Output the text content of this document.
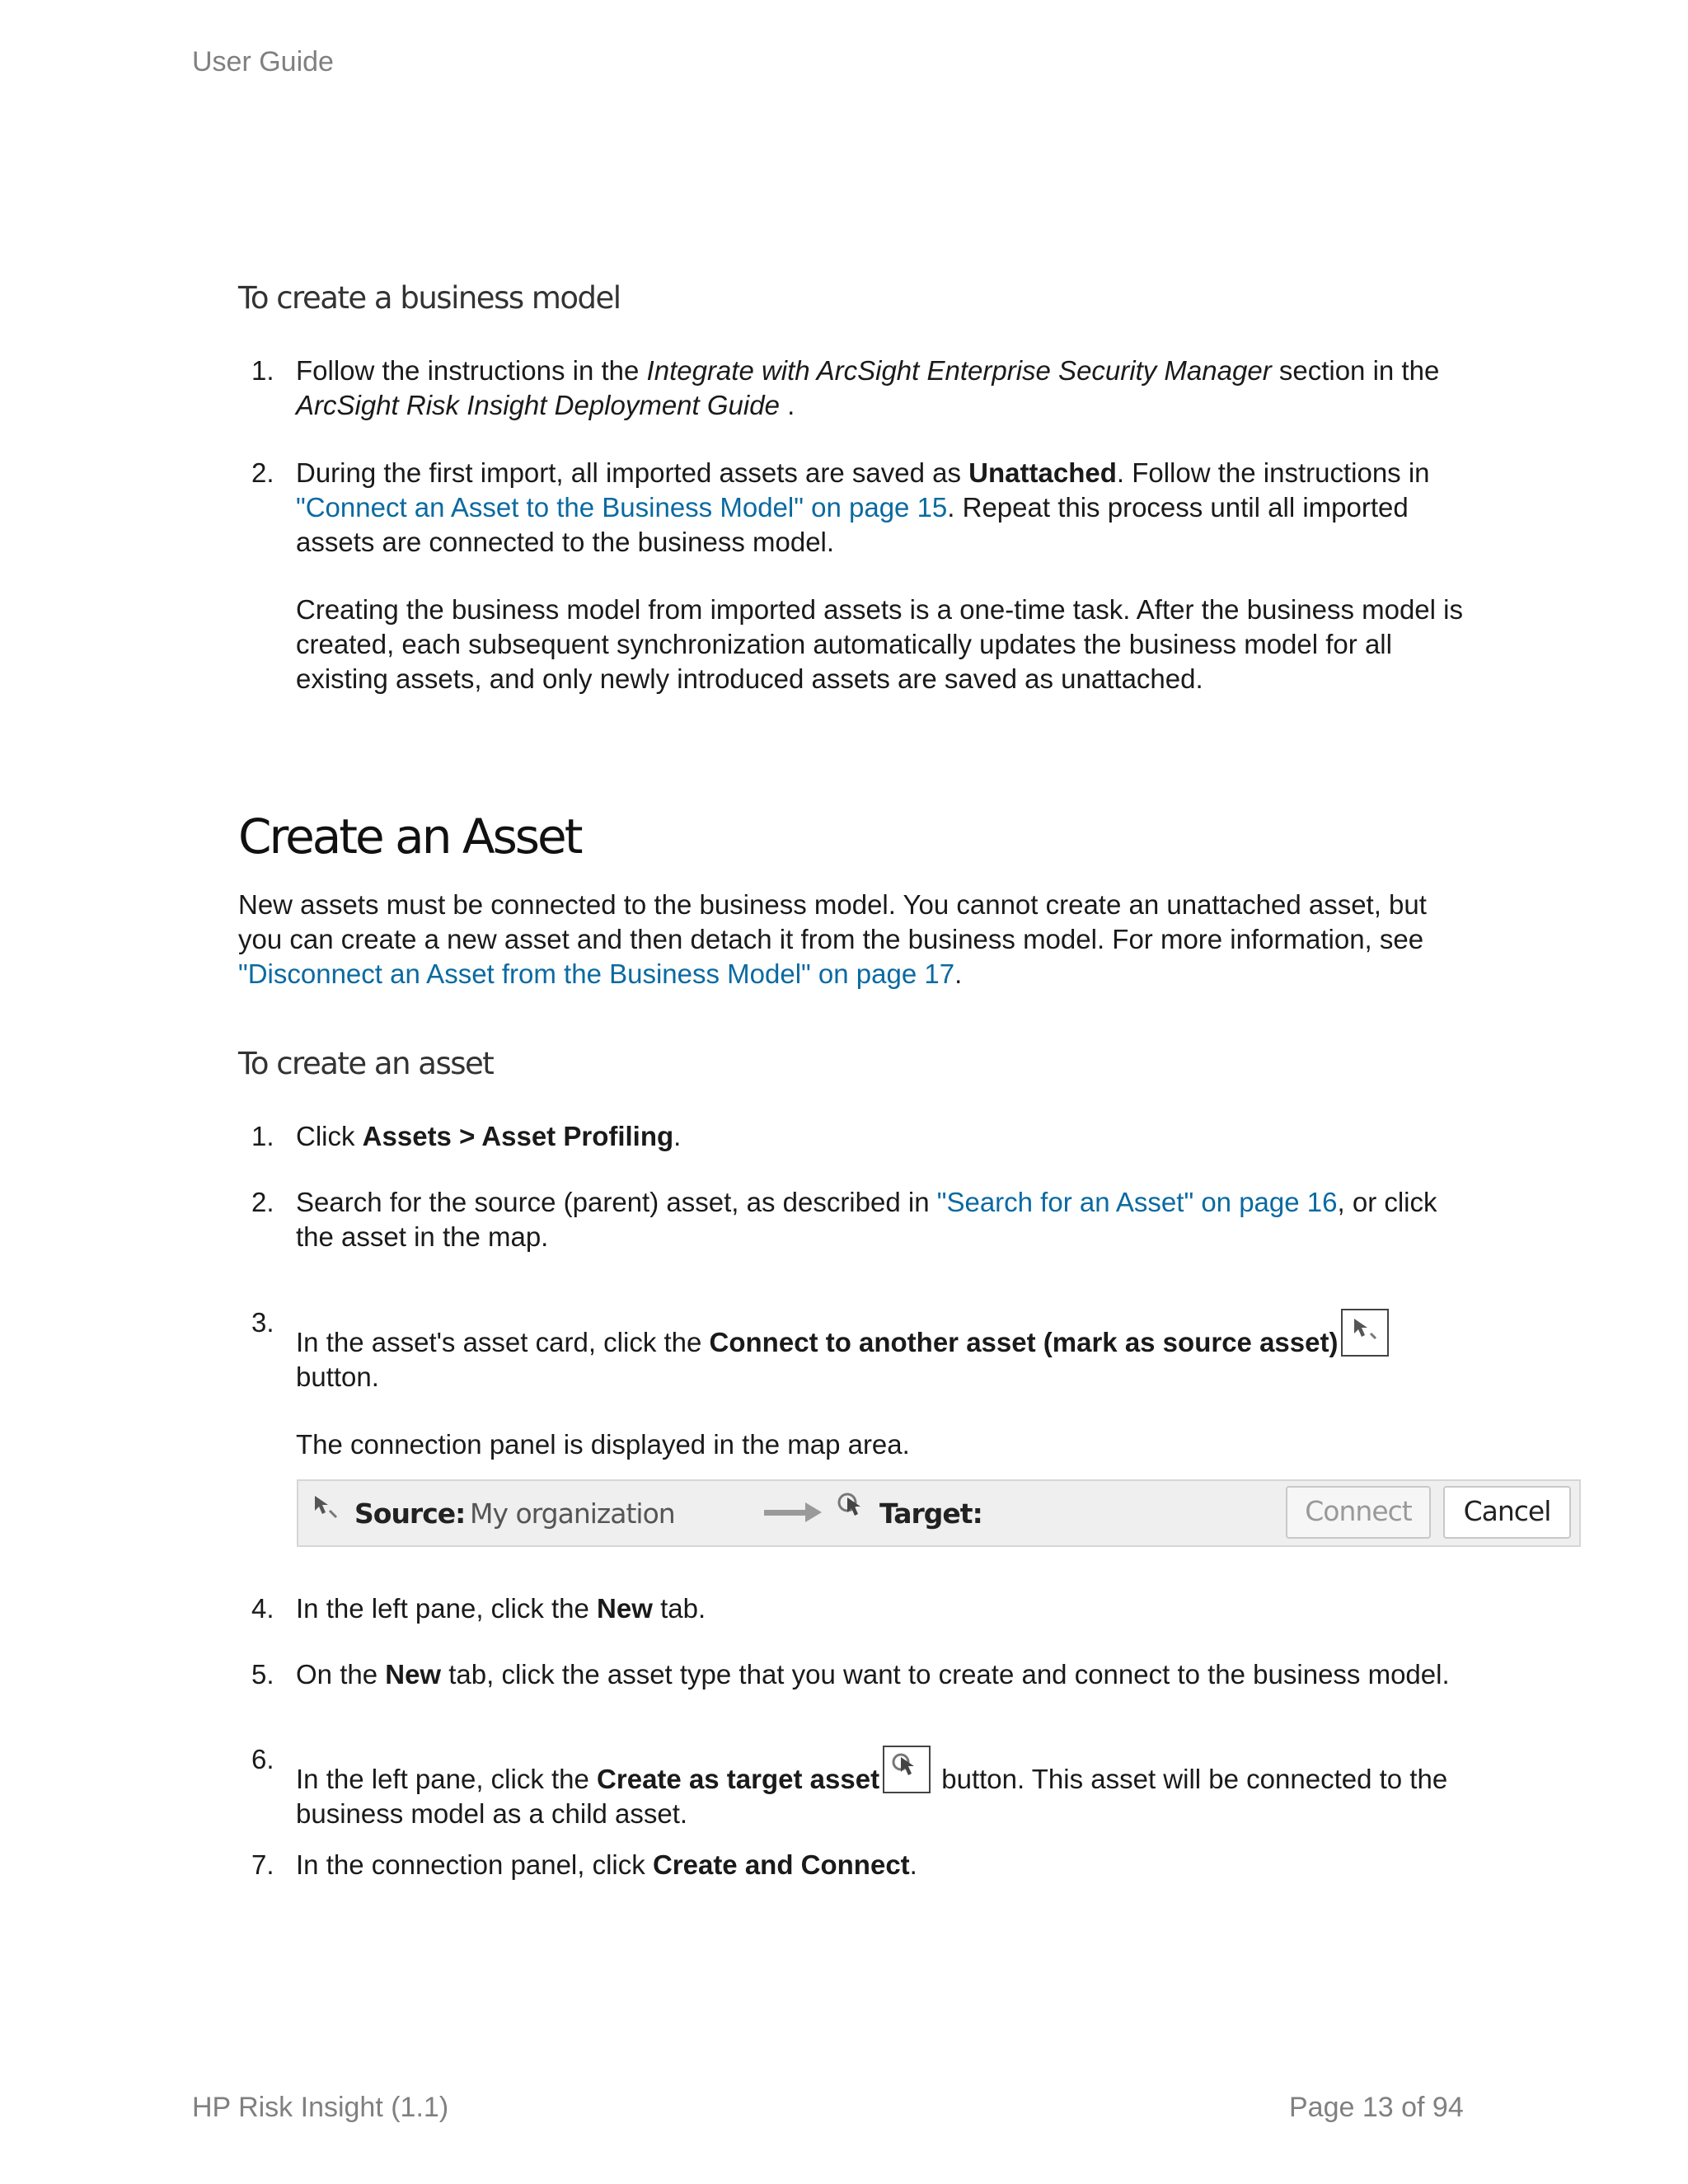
User Guide
To create a business model
1. Follow the instructions in the Integrate with ArcSight Enterprise Security Manager section in the ArcSight Risk Insight Deployment Guide .
2. During the first import, all imported assets are saved as Unattached. Follow the instructions in "Connect an Asset to the Business Model" on page 15. Repeat this process until all imported assets are connected to the business model.

Creating the business model from imported assets is a one-time task. After the business model is created, each subsequent synchronization automatically updates the business model for all existing assets, and only newly introduced assets are saved as unattached.

Create an Asset
New assets must be connected to the business model. You cannot create an unattached asset, but you can create a new asset and then detach it from the business model. For more information, see "Disconnect an Asset from the Business Model" on page 17.
To create an asset
1. Click Assets > Asset Profiling.
2. Search for the source (parent) asset, as described in "Search for an Asset" on page 16, or click the asset in the map.
3.

In the asset's asset card, click the Connect to another asset (mark as source asset)
button.

The connection panel is displayed in the map area.

Source: My organization	Target:	Connect	Cancel
4. In the left pane, click the New tab.
5. On the New tab, click the asset type that you want to create and connect to the business model.
6.
In the left pane, click the Create as target asset
button. This asset will be connected to the business model as a child asset.
7. In the connection panel, click Create and Connect.
HP Risk Insight (1.1)	Page 13 of 94
